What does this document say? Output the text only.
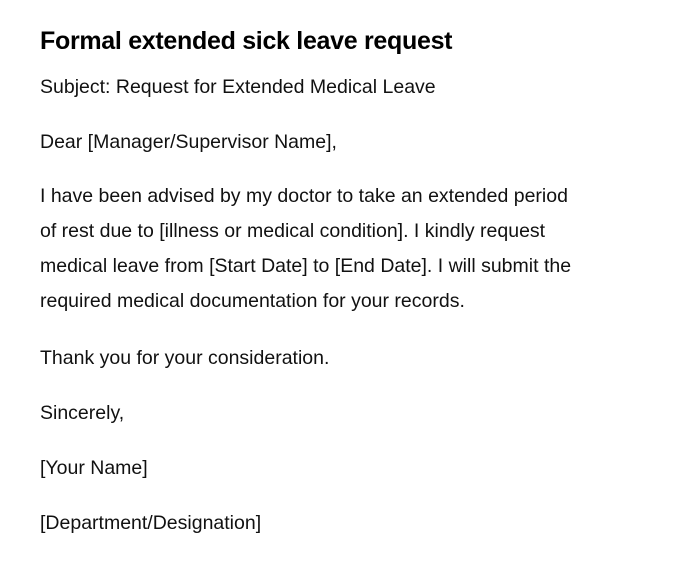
Formal extended sick leave request

Subject: Request for Extended Medical Leave

Dear [Manager/Supervisor Name],

I have been advised by my doctor to take an extended period
of rest due to [illness or medical condition]. I kindly request
medical leave from [Start Date] to [End Date]. I will submit the
required medical documentation for your records.

Thank you for your consideration.

Sincerely,

[Your Name]

[Department/Designation]
